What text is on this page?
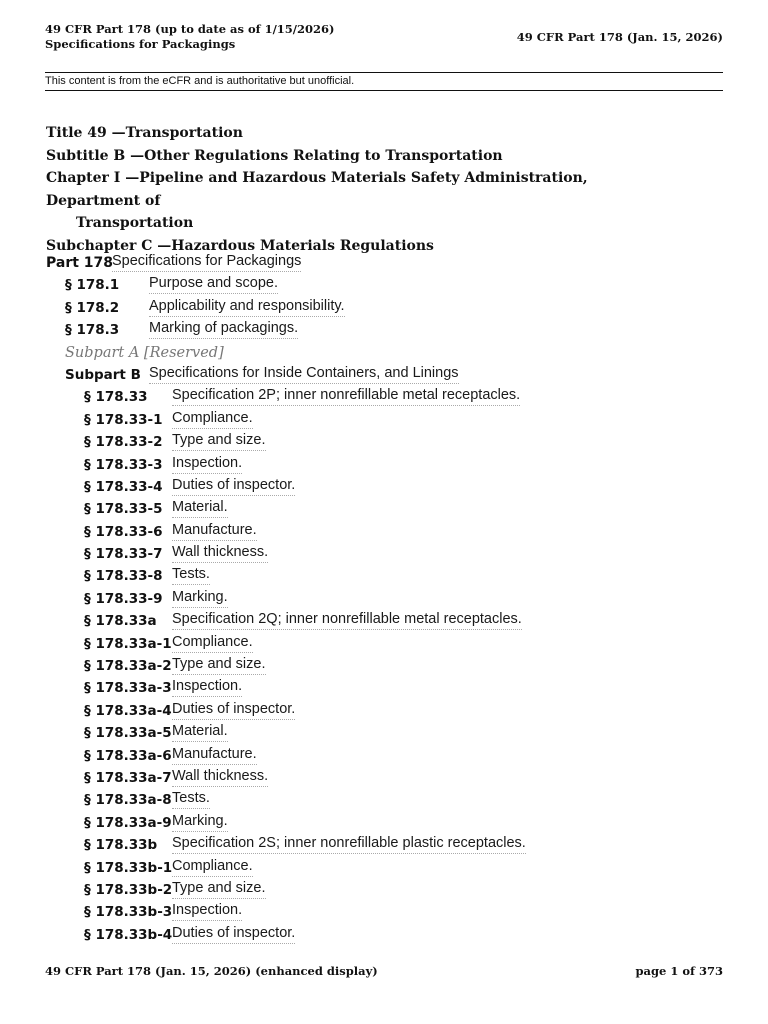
49 CFR Part 178 (up to date as of 1/15/2026)
Specifications for Packagings	49 CFR Part 178 (Jan. 15, 2026)
This content is from the eCFR and is authoritative but unofficial.
Title 49 —Transportation
Subtitle B —Other Regulations Relating to Transportation
Chapter I —Pipeline and Hazardous Materials Safety Administration, Department of
Transportation
Subchapter C —Hazardous Materials Regulations
Part 178
Specifications for Packagings
§ 178.1 Purpose and scope.
§ 178.2 Applicability and responsibility.
§ 178.3 Marking of packagings.
Subpart A [Reserved]
Subpart B Specifications for Inside Containers, and Linings
§ 178.33 Specification 2P; inner nonrefillable metal receptacles.
§ 178.33-1 Compliance.
§ 178.33-2 Type and size.
§ 178.33-3 Inspection.
§ 178.33-4 Duties of inspector.
§ 178.33-5 Material.
§ 178.33-6 Manufacture.
§ 178.33-7 Wall thickness.
§ 178.33-8 Tests.
§ 178.33-9 Marking.
§ 178.33a Specification 2Q; inner nonrefillable metal receptacles.
§ 178.33a-1 Compliance.
§ 178.33a-2 Type and size.
§ 178.33a-3 Inspection.
§ 178.33a-4 Duties of inspector.
§ 178.33a-5 Material.
§ 178.33a-6 Manufacture.
§ 178.33a-7 Wall thickness.
§ 178.33a-8 Tests.
§ 178.33a-9 Marking.
§ 178.33b Specification 2S; inner nonrefillable plastic receptacles.
§ 178.33b-1 Compliance.
§ 178.33b-2 Type and size.
§ 178.33b-3 Inspection.
§ 178.33b-4 Duties of inspector.
49 CFR Part 178 (Jan. 15, 2026) (enhanced display)	page 1 of 373
